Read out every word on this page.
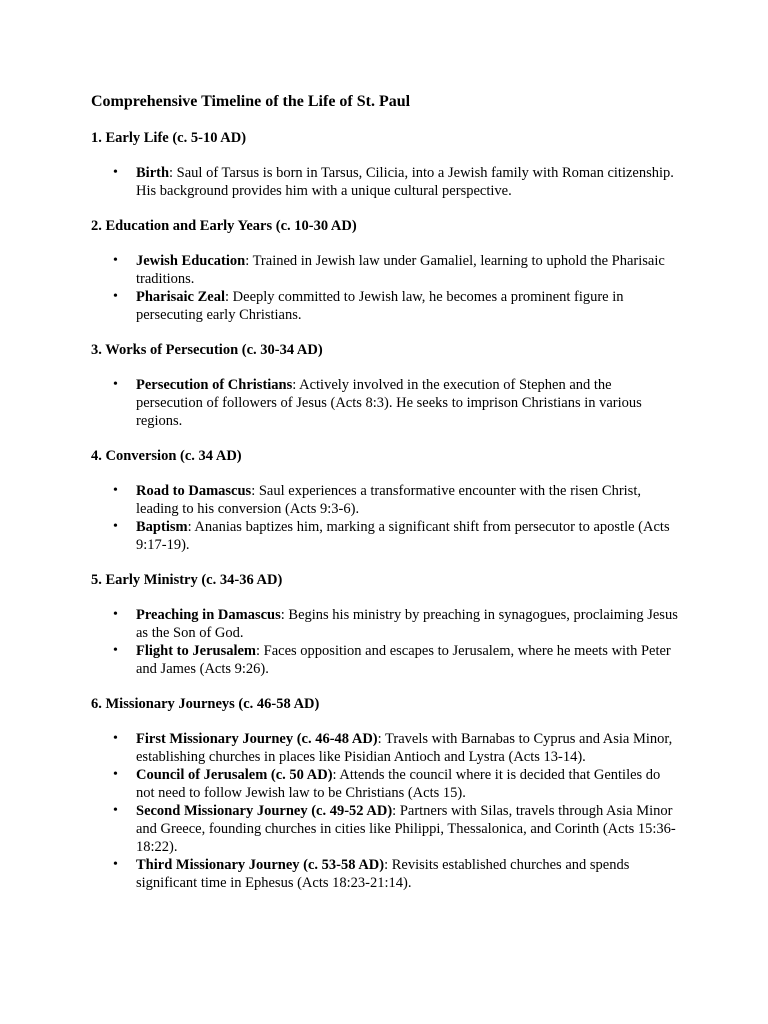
Comprehensive Timeline of the Life of St. Paul
1. Early Life (c. 5-10 AD)
• Birth: Saul of Tarsus is born in Tarsus, Cilicia, into a Jewish family with Roman citizenship. His background provides him with a unique cultural perspective.
2. Education and Early Years (c. 10-30 AD)
• Jewish Education: Trained in Jewish law under Gamaliel, learning to uphold the Pharisaic traditions.
• Pharisaic Zeal: Deeply committed to Jewish law, he becomes a prominent figure in persecuting early Christians.
3. Works of Persecution (c. 30-34 AD)
• Persecution of Christians: Actively involved in the execution of Stephen and the persecution of followers of Jesus (Acts 8:3). He seeks to imprison Christians in various regions.
4. Conversion (c. 34 AD)
• Road to Damascus: Saul experiences a transformative encounter with the risen Christ, leading to his conversion (Acts 9:3-6).
• Baptism: Ananias baptizes him, marking a significant shift from persecutor to apostle (Acts 9:17-19).
5. Early Ministry (c. 34-36 AD)
• Preaching in Damascus: Begins his ministry by preaching in synagogues, proclaiming Jesus as the Son of God.
• Flight to Jerusalem: Faces opposition and escapes to Jerusalem, where he meets with Peter and James (Acts 9:26).
6. Missionary Journeys (c. 46-58 AD)
• First Missionary Journey (c. 46-48 AD): Travels with Barnabas to Cyprus and Asia Minor, establishing churches in places like Pisidian Antioch and Lystra (Acts 13-14).
• Council of Jerusalem (c. 50 AD): Attends the council where it is decided that Gentiles do not need to follow Jewish law to be Christians (Acts 15).
• Second Missionary Journey (c. 49-52 AD): Partners with Silas, travels through Asia Minor and Greece, founding churches in cities like Philippi, Thessalonica, and Corinth (Acts 15:36-18:22).
• Third Missionary Journey (c. 53-58 AD): Revisits established churches and spends significant time in Ephesus (Acts 18:23-21:14).
